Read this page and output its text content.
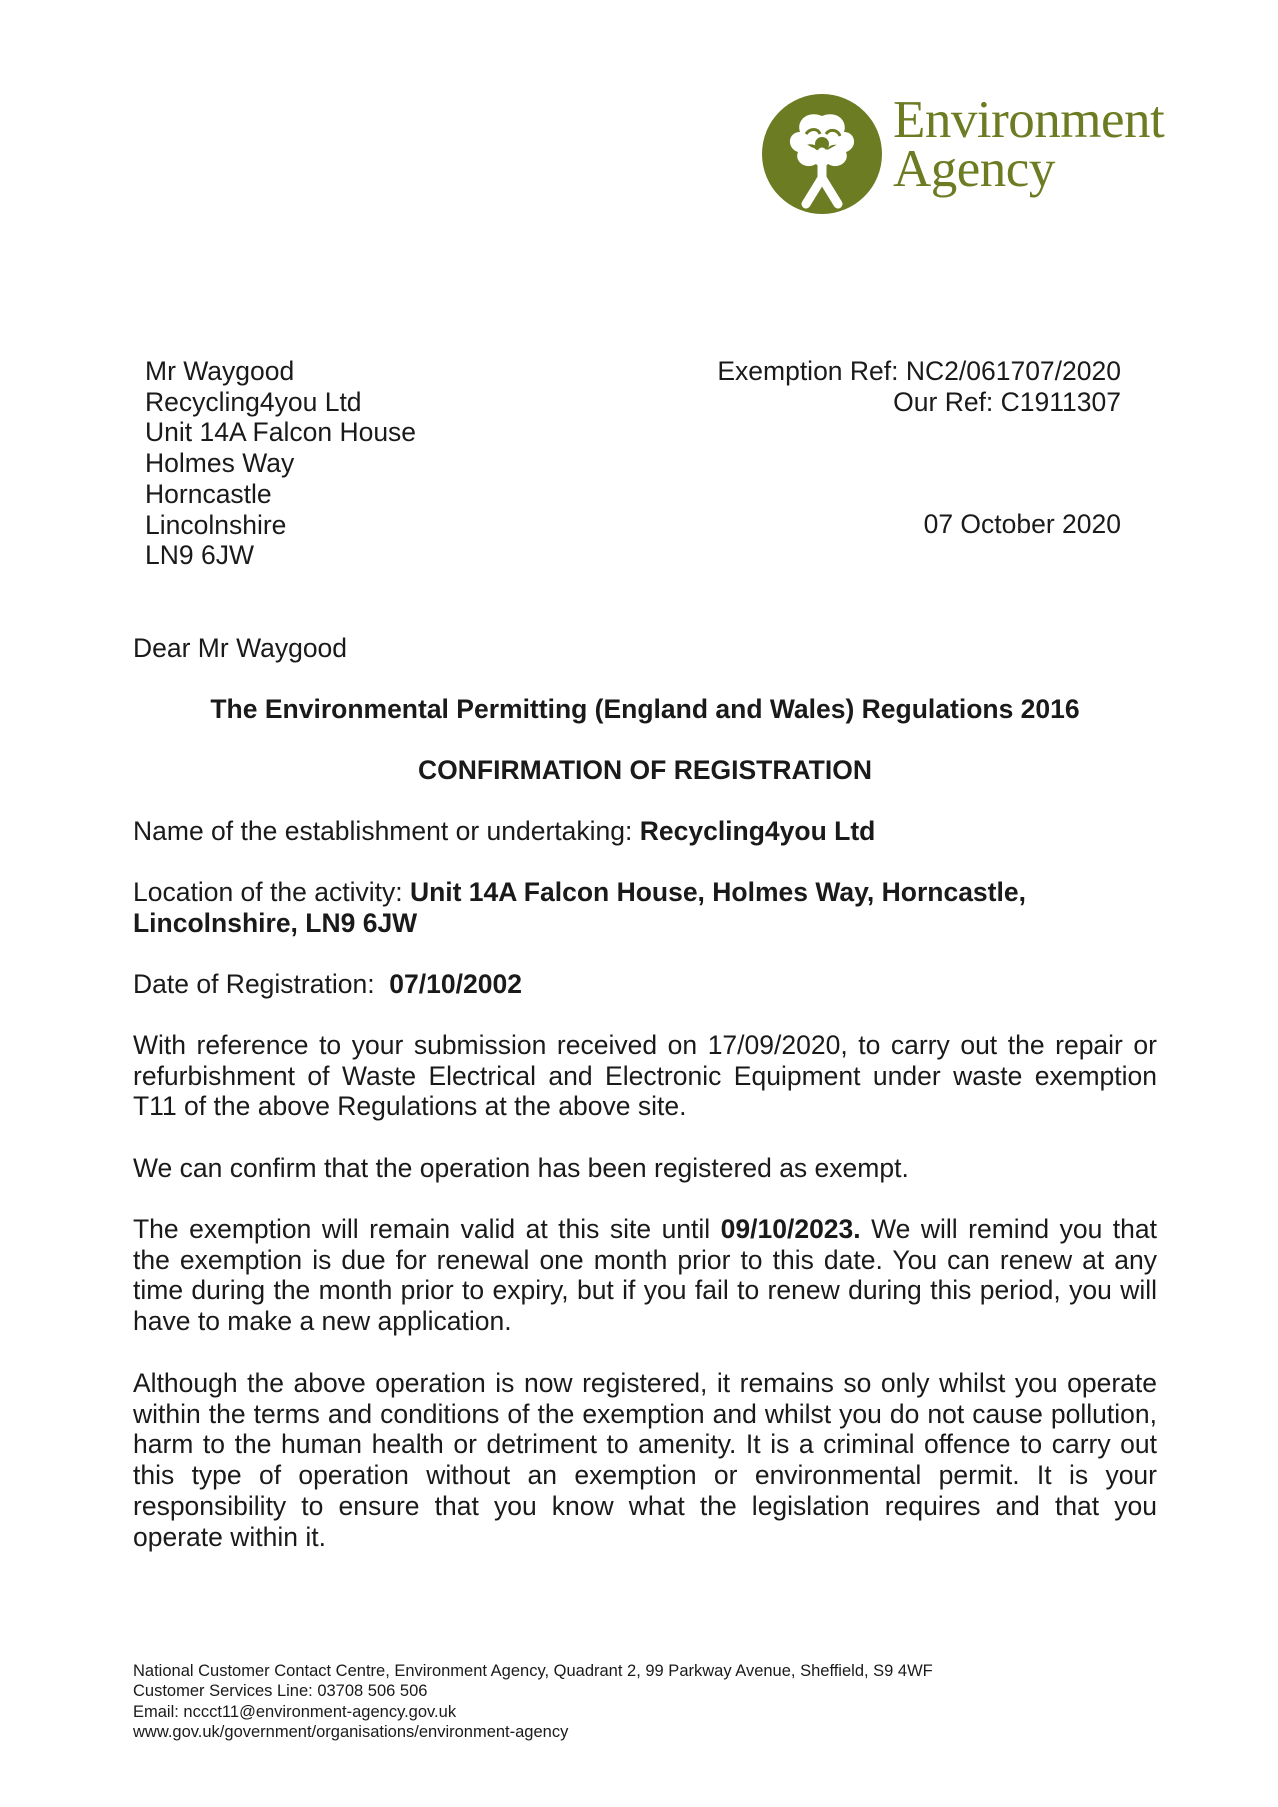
Environment
Agency
Mr Waygood
Recycling4you Ltd
Unit 14A Falcon House
Holmes Way
Horncastle
Lincolnshire
LN9 6JW
Exemption Ref: NC2/061707/2020
Our Ref: C1911307
07 October 2020
Dear Mr Waygood
The Environmental Permitting (England and Wales) Regulations 2016
CONFIRMATION OF REGISTRATION
Name of the establishment or undertaking: Recycling4you Ltd
Location of the activity: Unit 14A Falcon House, Holmes Way, Horncastle, Lincolnshire, LN9 6JW
Date of Registration:  07/10/2002
With reference to your submission received on 17/09/2020, to carry out the repair or refurbishment of Waste Electrical and Electronic Equipment under waste exemption T11 of the above Regulations at the above site.
We can confirm that the operation has been registered as exempt.
The exemption will remain valid at this site until 09/10/2023. We will remind you that the exemption is due for renewal one month prior to this date. You can renew at any time during the month prior to expiry, but if you fail to renew during this period, you will have to make a new application.
Although the above operation is now registered, it remains so only whilst you operate within the terms and conditions of the exemption and whilst you do not cause pollution, harm to the human health or detriment to amenity. It is a criminal offence to carry out this type of operation without an exemption or environmental permit. It is your responsibility to ensure that you know what the legislation requires and that you operate within it.
National Customer Contact Centre, Environment Agency, Quadrant 2, 99 Parkway Avenue, Sheffield, S9 4WF
Customer Services Line: 03708 506 506
Email: nccct11@environment-agency.gov.uk
www.gov.uk/government/organisations/environment-agency
